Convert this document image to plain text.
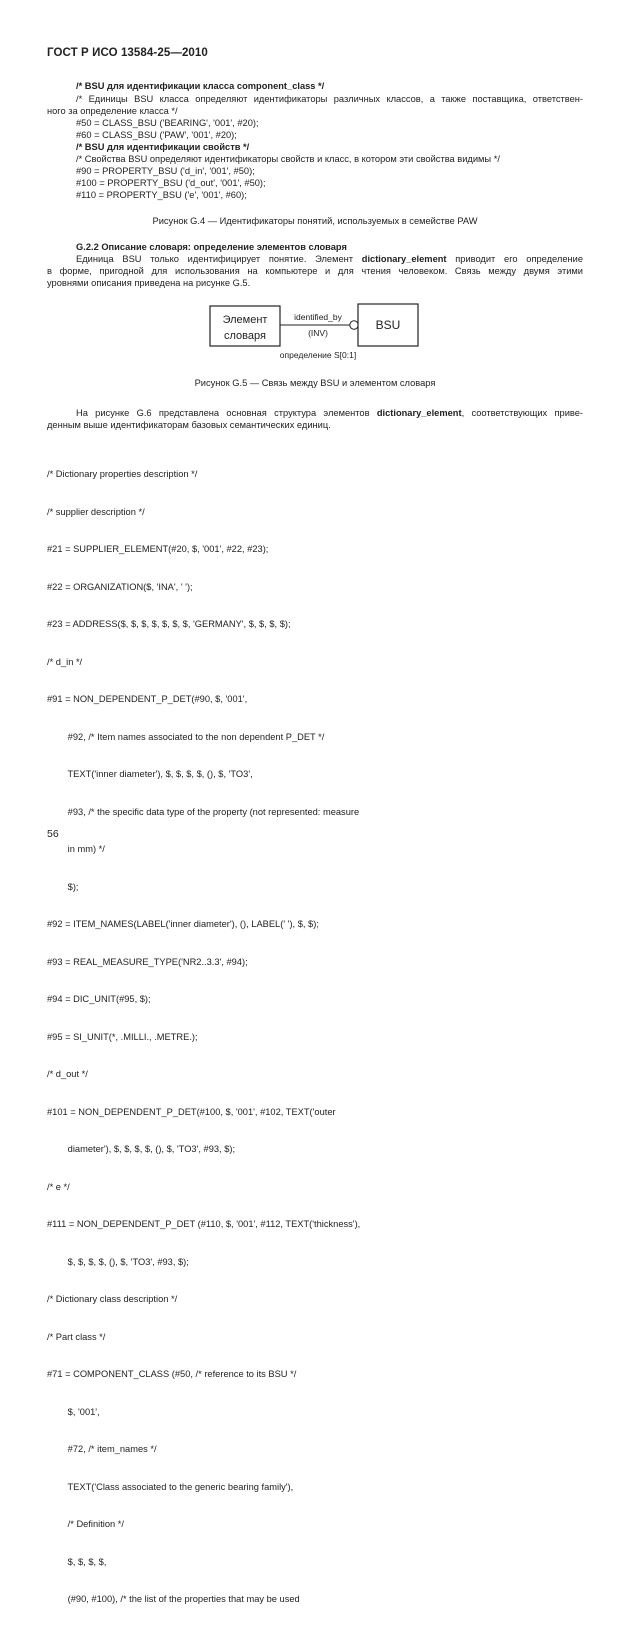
ГОСТ Р ИСО 13584-25—2010
/* BSU для идентификации класса component_class */
/* Единицы BSU класса определяют идентификаторы различных классов, а также поставщика, ответствен-
ного за определение класса */
#50 = CLASS_BSU ('BEARING', '001', #20);
#60 = CLASS_BSU ('PAW', '001', #20);
/* BSU для идентификации свойств */
/* Свойства BSU определяют идентификаторы свойств и класс, в котором эти свойства видимы */
#90 = PROPERTY_BSU ('d_in', '001', #50);
#100 = PROPERTY_BSU ('d_out', '001', #50);
#110 = PROPERTY_BSU ('e', '001', #60);
Рисунок G.4 — Идентификаторы понятий, используемых в семействе PAW
G.2.2 Описание словаря: определение элементов словаря
Единица BSU только идентифицирует понятие. Элемент dictionary_element приводит его определение
в форме, пригодной для использования на компьютере и для чтения человеком. Связь между двумя этими
уровнями описания приведена на рисунке G.5.
Элемент
словаря
identified_by
(INV)
BSU
определение S[0:1]
Рисунок G.5 — Связь между BSU и элементом словаря
На рисунке G.6 представлена основная структура элементов dictionary_element, соответствующих приве-
денным выше идентификаторам базовых семантических единиц.

/* Dictionary properties description */

/* supplier description */

#21 = SUPPLIER_ELEMENT(#20, $, '001', #22, #23);

#22 = ORGANIZATION($, 'INA', ' ');

#23 = ADDRESS($, $, $, $, $, $, $, 'GERMANY', $, $, $, $);

/* d_in */

#91 = NON_DEPENDENT_P_DET(#90, $, '001',

#92, /* Item names associated to the non dependent P_DET */

TEXT('inner diameter'), $, $, $, $, (), $, 'TO3',

#93, /* the specific data type of the property (not represented: measure

in mm) */

$);

#92 = ITEM_NAMES(LABEL('inner diameter'), (), LABEL(' '), $, $);

#93 = REAL_MEASURE_TYPE('NR2..3.3', #94);

#94 = DIC_UNIT(#95, $);

#95 = SI_UNIT(*, .MILLI., .METRE.);

/* d_out */

#101 = NON_DEPENDENT_P_DET(#100, $, '001', #102, TEXT('outer

diameter'), $, $, $, $, (), $, 'TO3', #93, $);

/* e */

#111 = NON_DEPENDENT_P_DET (#110, $, '001', #112, TEXT('thickness'),

$, $, $, $, (), $, 'TO3', #93, $);

/* Dictionary class description */

/* Part class */

#71 = COMPONENT_CLASS (#50, /* reference to its BSU */

$, '001',

#72, /* item_names */

TEXT('Class associated to the generic bearing family'),

/* Definition */

$, $, $, $,

(#90, #100), /* the list of the properties that may be used

56
